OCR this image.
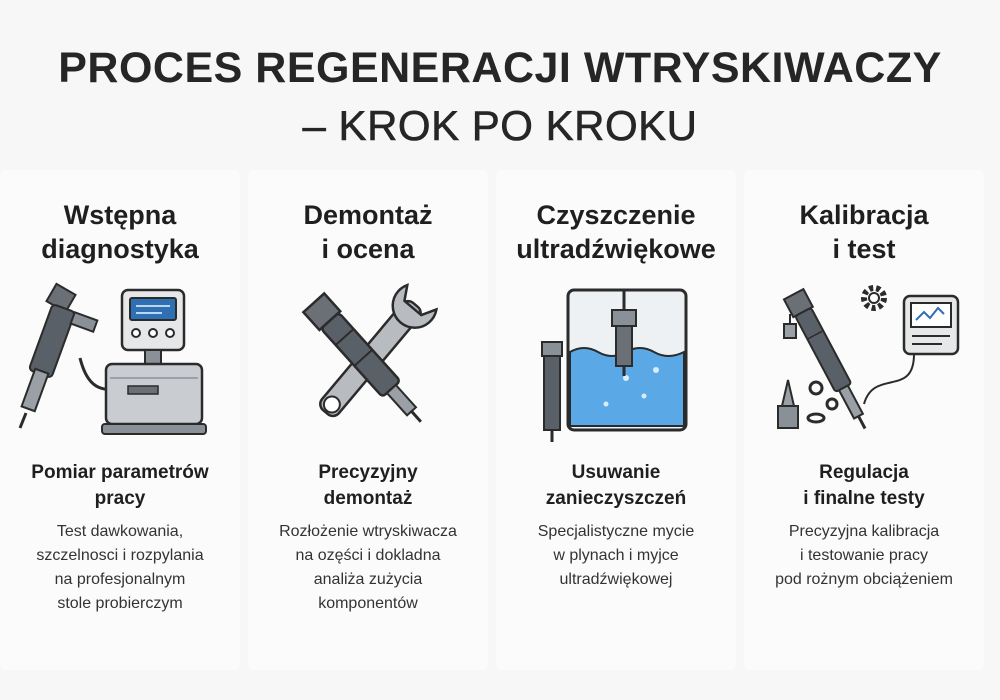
PROCES REGENERACJI WTRYSKIWACZY
– KROK PO KROKU
Wstępna
diagnostyka
Pomiar parametrów
pracy
Test dawkowania,
szczelnosci i rozpylania
na profesjonalnym
stole probierczym
Demontaż
i ocena
Precyzyjny
demontaż
Rozłożenie wtryskiwacza
na ozęści i dokladna
analiża zużycia
komponentów
Czyszczenie
ultradźwiękowe
Usuwanie
zanieczyszczeń
Specjalistyczne mycie
w plynach i myjce
ultradźwiękowej
Kalibracja
i test
Regulacja
i finalne testy
Precyzyjna kalibracja
i testowanie pracy
pod rożnym obciążeniem
